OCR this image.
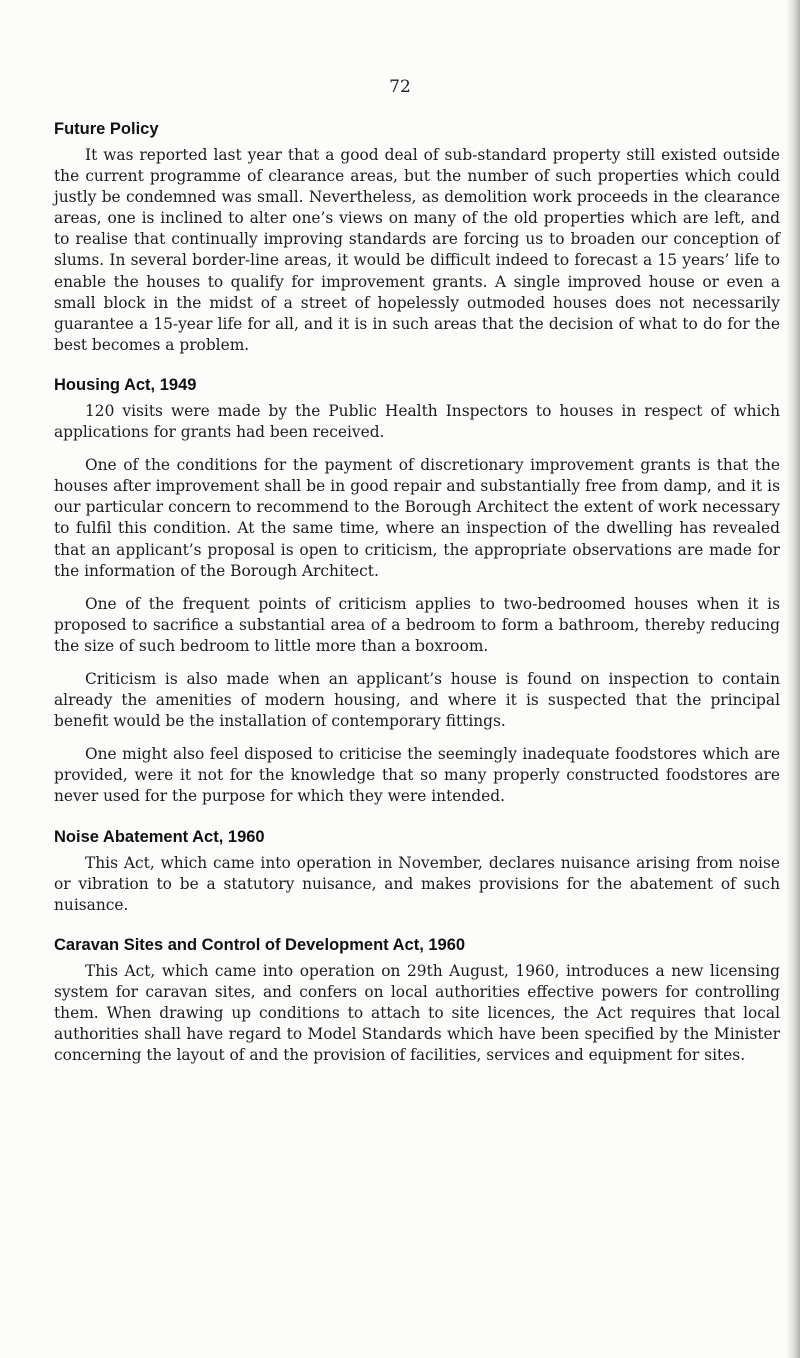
72
Future Policy

It was reported last year that a good deal of sub-standard property still existed outside the current programme of clearance areas, but the number of such properties which could justly be condemned was small. Nevertheless, as demolition work proceeds in the clearance areas, one is inclined to alter one’s views on many of the old properties which are left, and to realise that continually improving standards are forcing us to broaden our conception of slums. In several border-line areas, it would be difficult indeed to forecast a 15 years’ life to enable the houses to qualify for improvement grants. A single improved house or even a small block in the midst of a street of hopelessly outmoded houses does not necessarily guarantee a 15-year life for all, and it is in such areas that the decision of what to do for the best becomes a problem.

Housing Act, 1949

120 visits were made by the Public Health Inspectors to houses in respect of which applications for grants had been received.

One of the conditions for the payment of discretionary improvement grants is that the houses after improvement shall be in good repair and substantially free from damp, and it is our particular concern to recommend to the Borough Architect the extent of work necessary to fulfil this condition. At the same time, where an inspection of the dwelling has revealed that an applicant’s proposal is open to criticism, the appropriate observations are made for the information of the Borough Architect.

One of the frequent points of criticism applies to two-bedroomed houses when it is proposed to sacrifice a substantial area of a bedroom to form a bathroom, thereby reducing the size of such bedroom to little more than a boxroom.

Criticism is also made when an applicant’s house is found on inspection to contain already the amenities of modern housing, and where it is suspected that the principal benefit would be the installation of contemporary fittings.

One might also feel disposed to criticise the seemingly inadequate foodstores which are provided, were it not for the knowledge that so many properly constructed foodstores are never used for the purpose for which they were intended.

Noise Abatement Act, 1960

This Act, which came into operation in November, declares nuisance arising from noise or vibration to be a statutory nuisance, and makes provisions for the abatement of such nuisance.

Caravan Sites and Control of Development Act, 1960

This Act, which came into operation on 29th August, 1960, introduces a new licensing system for caravan sites, and confers on local authorities effective powers for controlling them. When drawing up conditions to attach to site licences, the Act requires that local authorities shall have regard to Model Standards which have been specified by the Minister concerning the layout of and the provision of facilities, services and equipment for sites.
